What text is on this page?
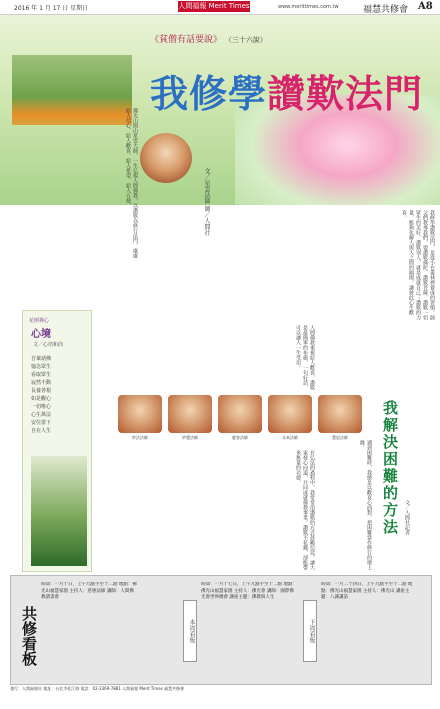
2016 年 1 月 17 日 星期日	人間福報 Merit Times	www.merittimes.com.tw	福慧共修會 A8
《貧僧有話要說》 （三十六說）
我修學讚歎法門
文／星雲法師 圖／人間社
佛光山開山星雲大師，一生弘揚人間佛教，以讚歎為修行法門，處處給人信心、給人歡喜、給人希望、給人方便。
我修學讚歎法門，是從小在叢林裡養成的習慣。師父們教導我們，要讚歎佛陀、讚歎菩薩、讚歎一切眾生的美好。讚歎別人，就是成就自己；讚歎的力量，能夠化解人與人之間的隔閡，讓彼此心生歡喜。
人間佛教重視給人歡喜，讚歎是最簡單的布施，一句好話，可以讓人一生受用。
在弘法的過程中，我常常用讚歎的方式鼓勵信徒，讓大家發心向道，共同成就佛教事業。讚歎不花錢，卻能帶來無量的功德。	遇到困難時，我總是以歡喜心面對，把困難當作修行的增上緣。
花開禪心
心境
文／心培和尚
吾輩諸佛
憶念眾生
看取眾生
寂然不動
長養善根
如是觀心
一切唯心
心生萬法
安住當下
自在人生
妙法法師	妙覺法師	慈容法師	永本法師	慧思法師	我解決困難的方法	文／人間社記者
共修看板
時間：一月十日，上午九點半至十二點 地點：佛光山福慧家園 主持人：慈惠法師 講師：人間佛教讀書會
本周看板
時間：一月十七日，上午九點半至十二點 地點：佛光山福慧家園 主持人：佛光會 講師：國際佛光會世界總會 講座主題：佛教與人生
下周看板
時間：一月二十四日，上午九點半至十二點 地點：佛光山福慧家園 主持人：佛光山 講座主題：八識講話
發行：人間福報社 地址：台北市松江路 電話：02-2369-7881 人間福報 Merit Times 福慧共修會
